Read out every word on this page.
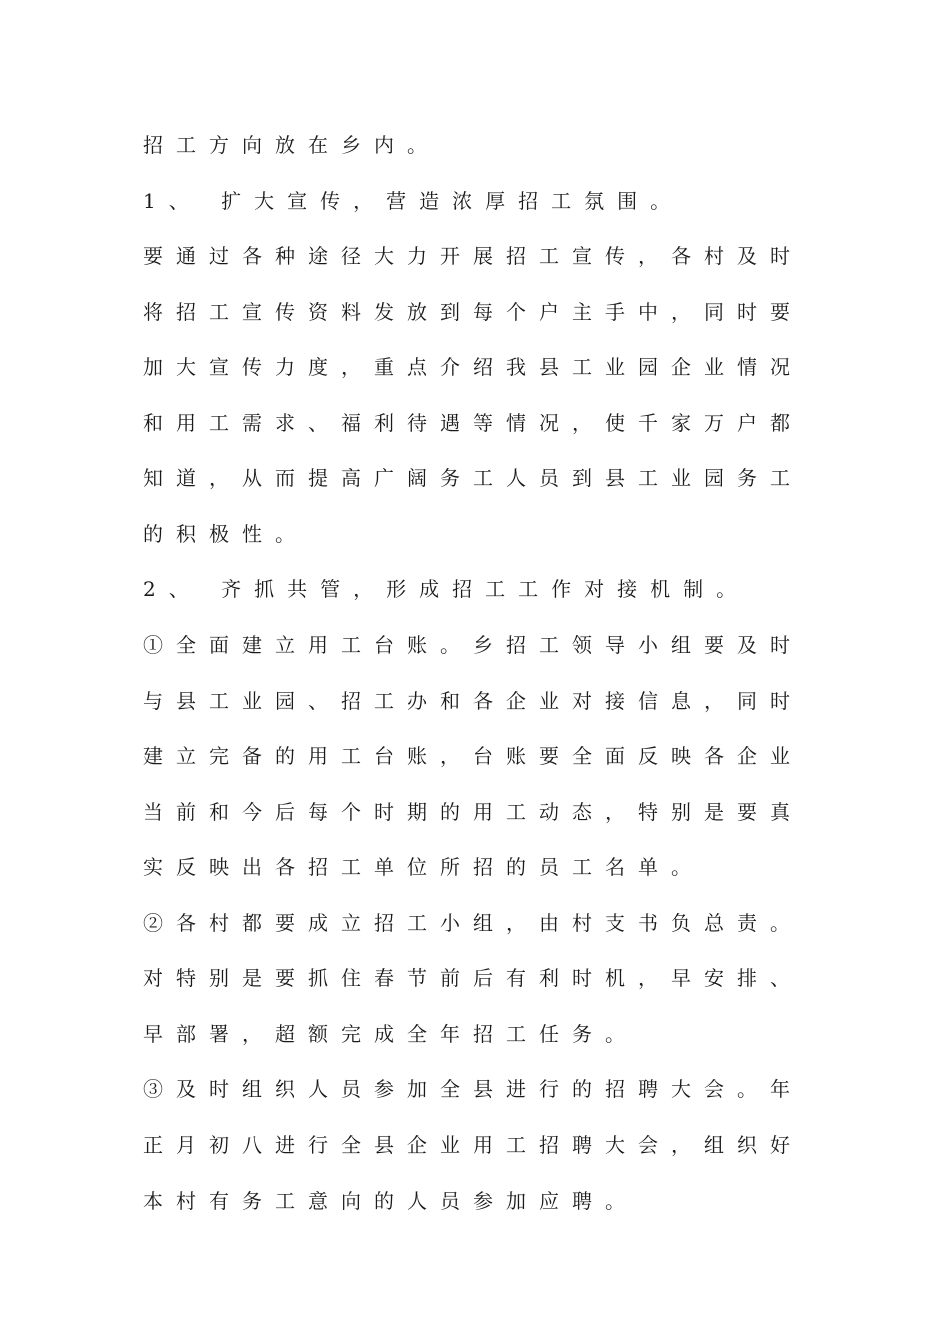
招工方向放在乡内。
1、 扩大宣传，营造浓厚招工氛围。
要通过各种途径大力开展招工宣传，各村及时
将招工宣传资料发放到每个户主手中，同时要
加大宣传力度，重点介绍我县工业园企业情况
和用工需求、福利待遇等情况，使千家万户都
知道，从而提高广阔务工人员到县工业园务工
的积极性。
2、 齐抓共管，形成招工工作对接机制。
①全面建立用工台账。乡招工领导小组要及时
与县工业园、招工办和各企业对接信息，同时
建立完备的用工台账，台账要全面反映各企业
当前和今后每个时期的用工动态，特别是要真
实反映出各招工单位所招的员工名单。
②各村都要成立招工小组，由村支书负总责。
对特别是要抓住春节前后有利时机，早安排、
早部署，超额完成全年招工任务。
③及时组织人员参加全县进行的招聘大会。年
正月初八进行全县企业用工招聘大会，组织好
本村有务工意向的人员参加应聘。
